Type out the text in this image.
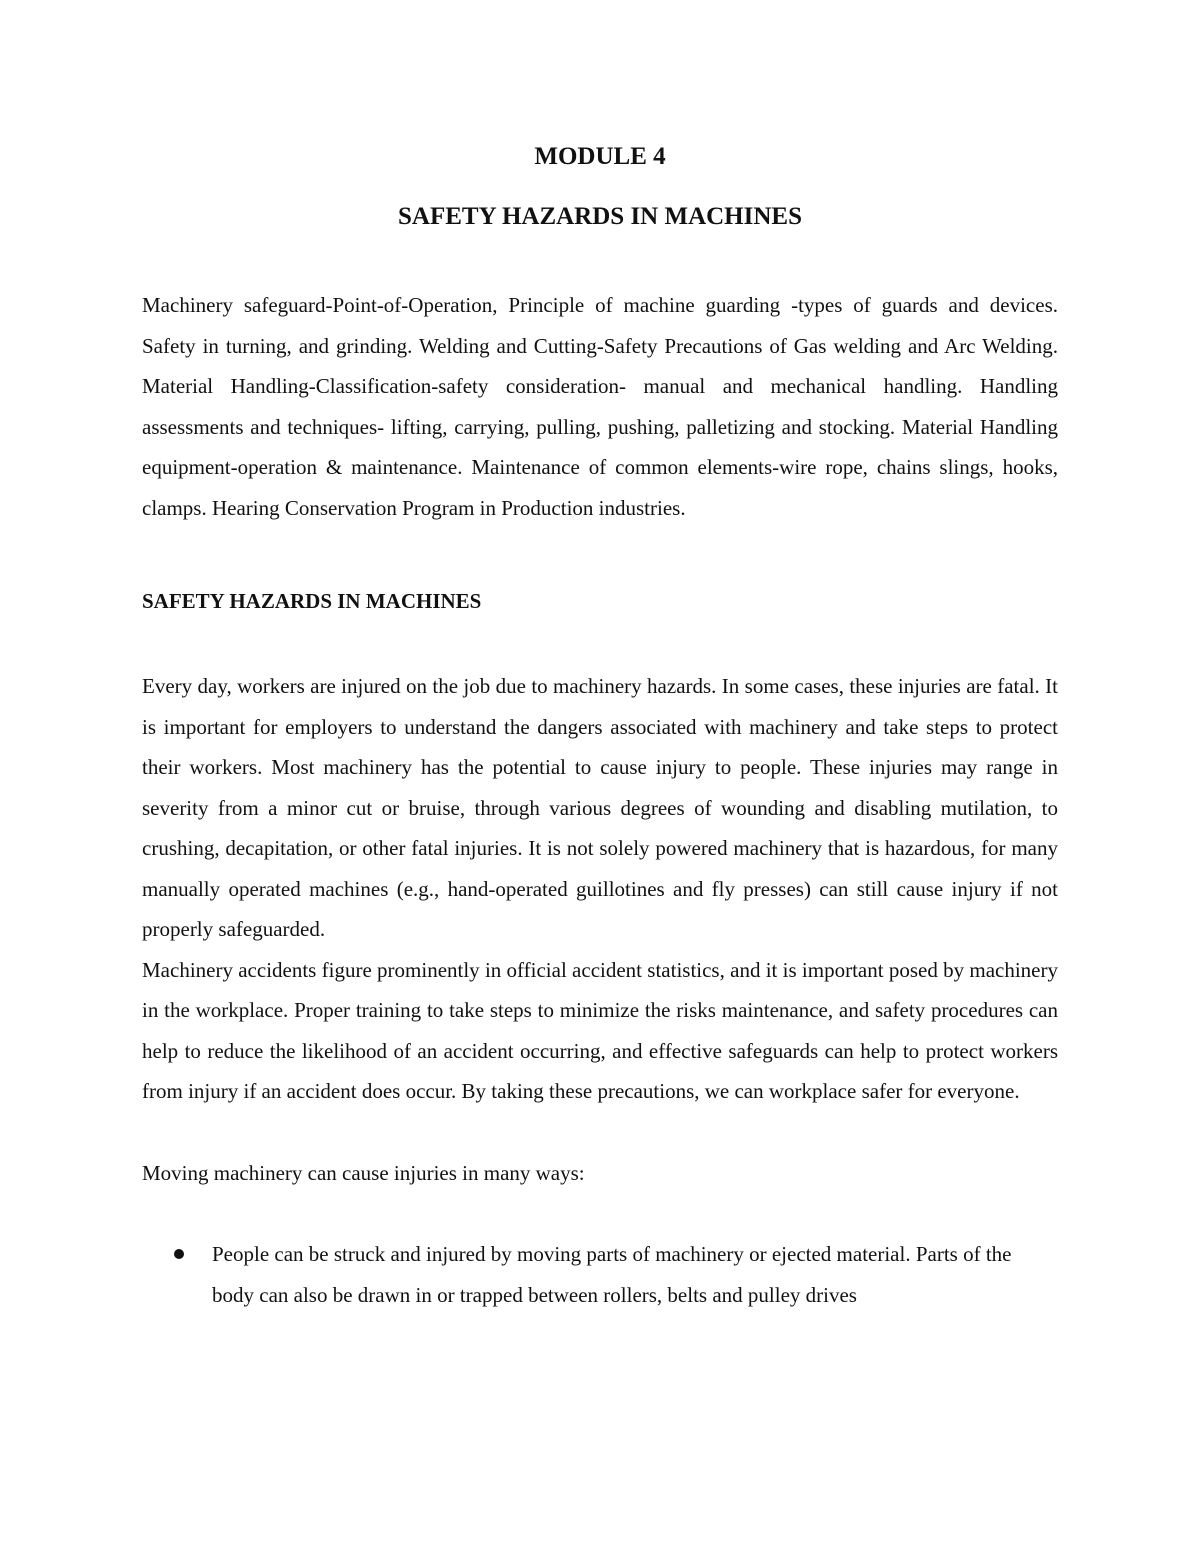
MODULE 4
SAFETY HAZARDS IN MACHINES

Machinery safeguard-Point-of-Operation, Principle of machine guarding -types of guards and devices. Safety in turning, and grinding. Welding and Cutting-Safety Precautions of Gas welding and Arc Welding. Material Handling-Classification-safety consideration- manual and mechanical handling. Handling assessments and techniques- lifting, carrying, pulling, pushing, palletizing and stocking. Material Handling equipment-operation & maintenance. Maintenance of common elements-wire rope, chains slings, hooks, clamps. Hearing Conservation Program in Production industries.

SAFETY HAZARDS IN MACHINES

Every day, workers are injured on the job due to machinery hazards. In some cases, these injuries are fatal. It is important for employers to understand the dangers associated with machinery and take steps to protect their workers. Most machinery has the potential to cause injury to people. These injuries may range in severity from a minor cut or bruise, through various degrees of wounding and disabling mutilation, to crushing, decapitation, or other fatal injuries. It is not solely powered machinery that is hazardous, for many manually operated machines (e.g., hand-operated guillotines and fly presses) can still cause injury if not properly safeguarded.

Machinery accidents figure prominently in official accident statistics, and it is important posed by machinery in the workplace. Proper training to take steps to minimize the risks maintenance, and safety procedures can help to reduce the likelihood of an accident occurring, and effective safeguards can help to protect workers from injury if an accident does occur. By taking these precautions, we can workplace safer for everyone.

Moving machinery can cause injuries in many ways:

People can be struck and injured by moving parts of machinery or ejected material. Parts of the body can also be drawn in or trapped between rollers, belts and pulley drives
